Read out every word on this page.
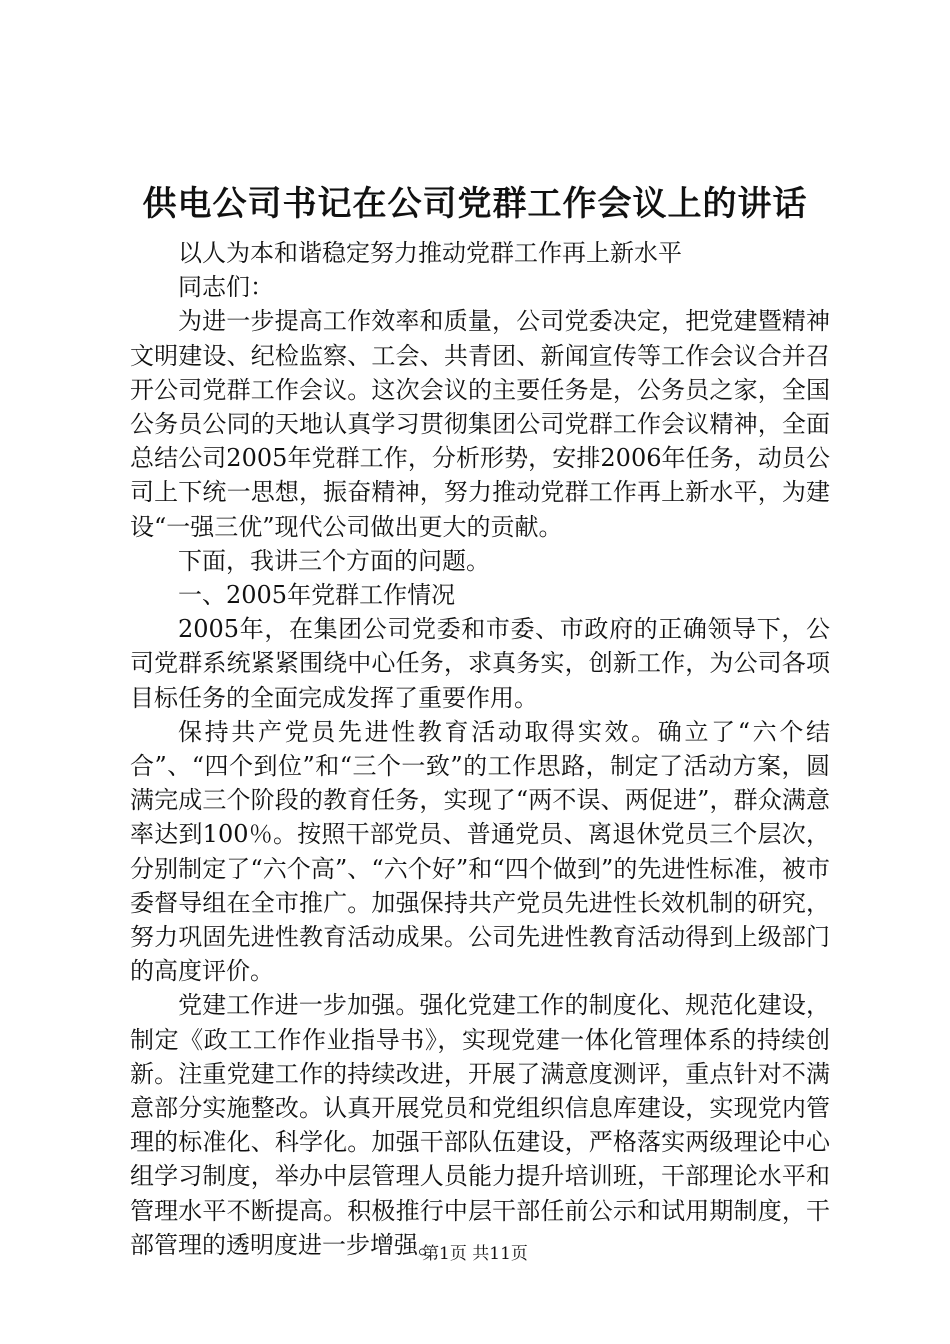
供电公司书记在公司党群工作会议上的讲话

以人为本和谐稳定努力推动党群工作再上新水平

同志们：

为进一步提高工作效率和质量，公司党委决定，把党建暨精神文明建设、纪检监察、工会、共青团、新闻宣传等工作会议合并召开公司党群工作会议。这次会议的主要任务是，公务员之家，全国公务员公同的天地认真学习贯彻集团公司党群工作会议精神，全面总结公司2005年党群工作，分析形势，安排2006年任务，动员公司上下统一思想，振奋精神，努力推动党群工作再上新水平，为建设“一强三优”现代公司做出更大的贡献。

下面，我讲三个方面的问题。

一、2005年党群工作情况

2005年，在集团公司党委和市委、市政府的正确领导下，公司党群系统紧紧围绕中心任务，求真务实，创新工作，为公司各项目标任务的全面完成发挥了重要作用。

保持共产党员先进性教育活动取得实效。确立了“六个结合”、“四个到位”和“三个一致”的工作思路，制定了活动方案，圆满完成三个阶段的教育任务，实现了“两不误、两促进”，群众满意率达到100％。按照干部党员、普通党员、离退休党员三个层次，分别制定了“六个高”、“六个好”和“四个做到”的先进性标准，被市委督导组在全市推广。加强保持共产党员先进性长效机制的研究，努力巩固先进性教育活动成果。公司先进性教育活动得到上级部门的高度评价。

党建工作进一步加强。强化党建工作的制度化、规范化建设，制定《政工工作作业指导书》，实现党建一体化管理体系的持续创新。注重党建工作的持续改进，开展了满意度测评，重点针对不满意部分实施整改。认真开展党员和党组织信息库建设，实现党内管理的标准化、科学化。加强干部队伍建设，严格落实两级理论中心组学习制度，举办中层管理人员能力提升培训班，干部理论水平和管理水平不断提高。积极推行中层干部任前公示和试用期制度，干部管理的透明度进一步增强。

第1页 共11页
